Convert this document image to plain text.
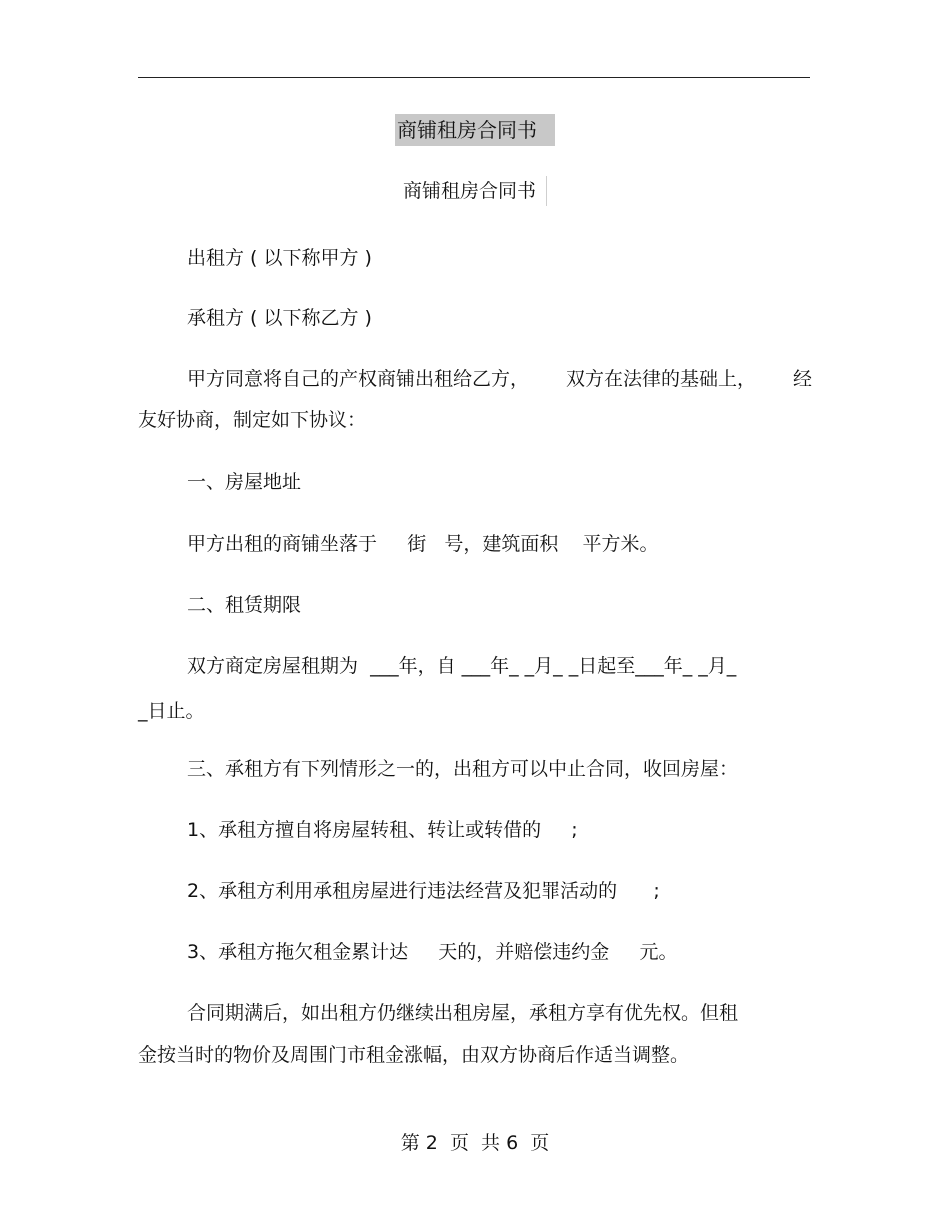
商铺租房合同书
商铺租房合同书
出租方 ( 以下称甲方 )
承租方 ( 以下称乙方 )
甲方同意将自己的产权商铺出租给乙方， 双方在法律的基础上， 经
友好协商，制定如下协议：
一、房屋地址
甲方出租的商铺坐落于     街   号，建筑面积    平方米。
二、租赁期限
双方商定房屋租期为  ___年，自 ___年_ _月_ _日起至___年_ _月_
_日止。
三、承租方有下列情形之一的，出租方可以中止合同，收回房屋：
1、承租方擅自将房屋转租、转让或转借的     ;
2、承租方利用承租房屋进行违法经营及犯罪活动的      ;
3、承租方拖欠租金累计达     天的，并赔偿违约金     元。
合同期满后，如出租方仍继续出租房屋，承租方享有优先权。但租
金按当时的物价及周围门市租金涨幅，由双方协商后作适当调整。
第 2  页  共 6  页
